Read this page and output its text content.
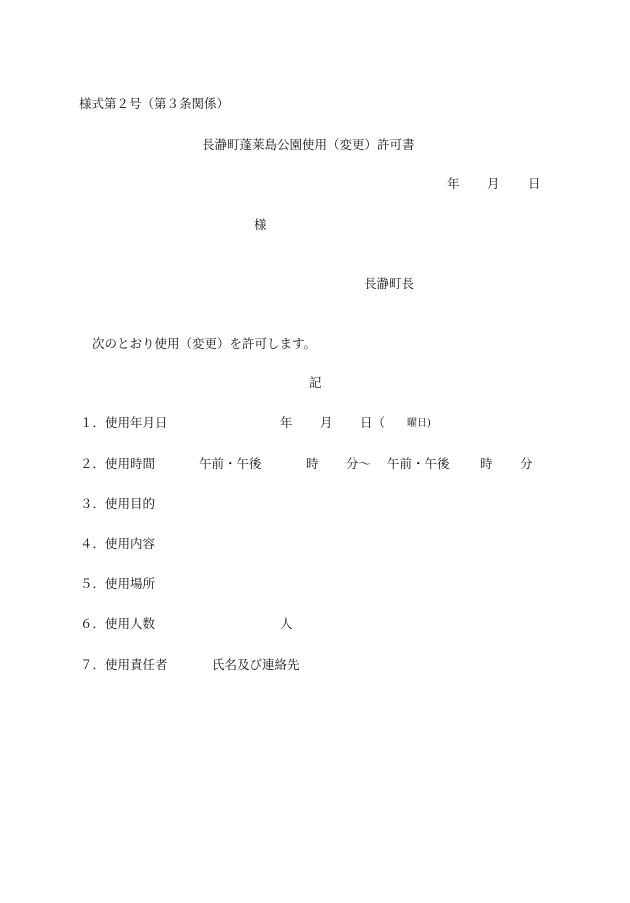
様式第２号（第３条関係）
長瀞町蓬莱島公園使用（変更）許可書
年 月 日
様
長瀞町長
次のとおり使用（変更）を許可します。
記
１．使用年月日	年 月 日（ 曜日)
２．使用時間	午前・午後	時 分～ 午前・午後 時 分
３．使用目的
４．使用内容
５．使用場所
６．使用人数	人
７．使用責任者	氏名及び連絡先
